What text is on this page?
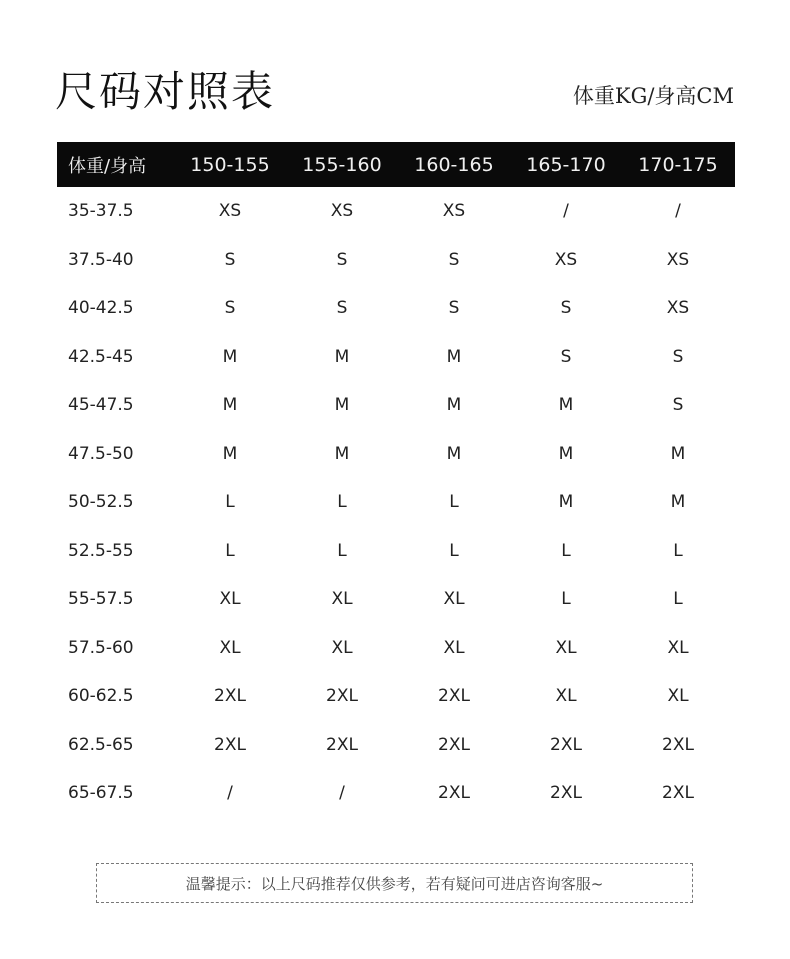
尺码对照表	体重KG/身高CM
体重/身高	150-155	155-160	160-165	165-170	170-175
35-37.5	XS	XS	XS	/	/
37.5-40	S	S	S	XS	XS
40-42.5	S	S	S	S	XS
42.5-45	M	M	M	S	S
45-47.5	M	M	M	M	S
47.5-50	M	M	M	M	M
50-52.5	L	L	L	M	M
52.5-55	L	L	L	L	L
55-57.5	XL	XL	XL	L	L
57.5-60	XL	XL	XL	XL	XL
60-62.5	2XL	2XL	2XL	XL	XL
62.5-65	2XL	2XL	2XL	2XL	2XL
65-67.5	/	/	2XL	2XL	2XL
温馨提示：以上尺码推荐仅供参考，若有疑问可进店咨询客服~
